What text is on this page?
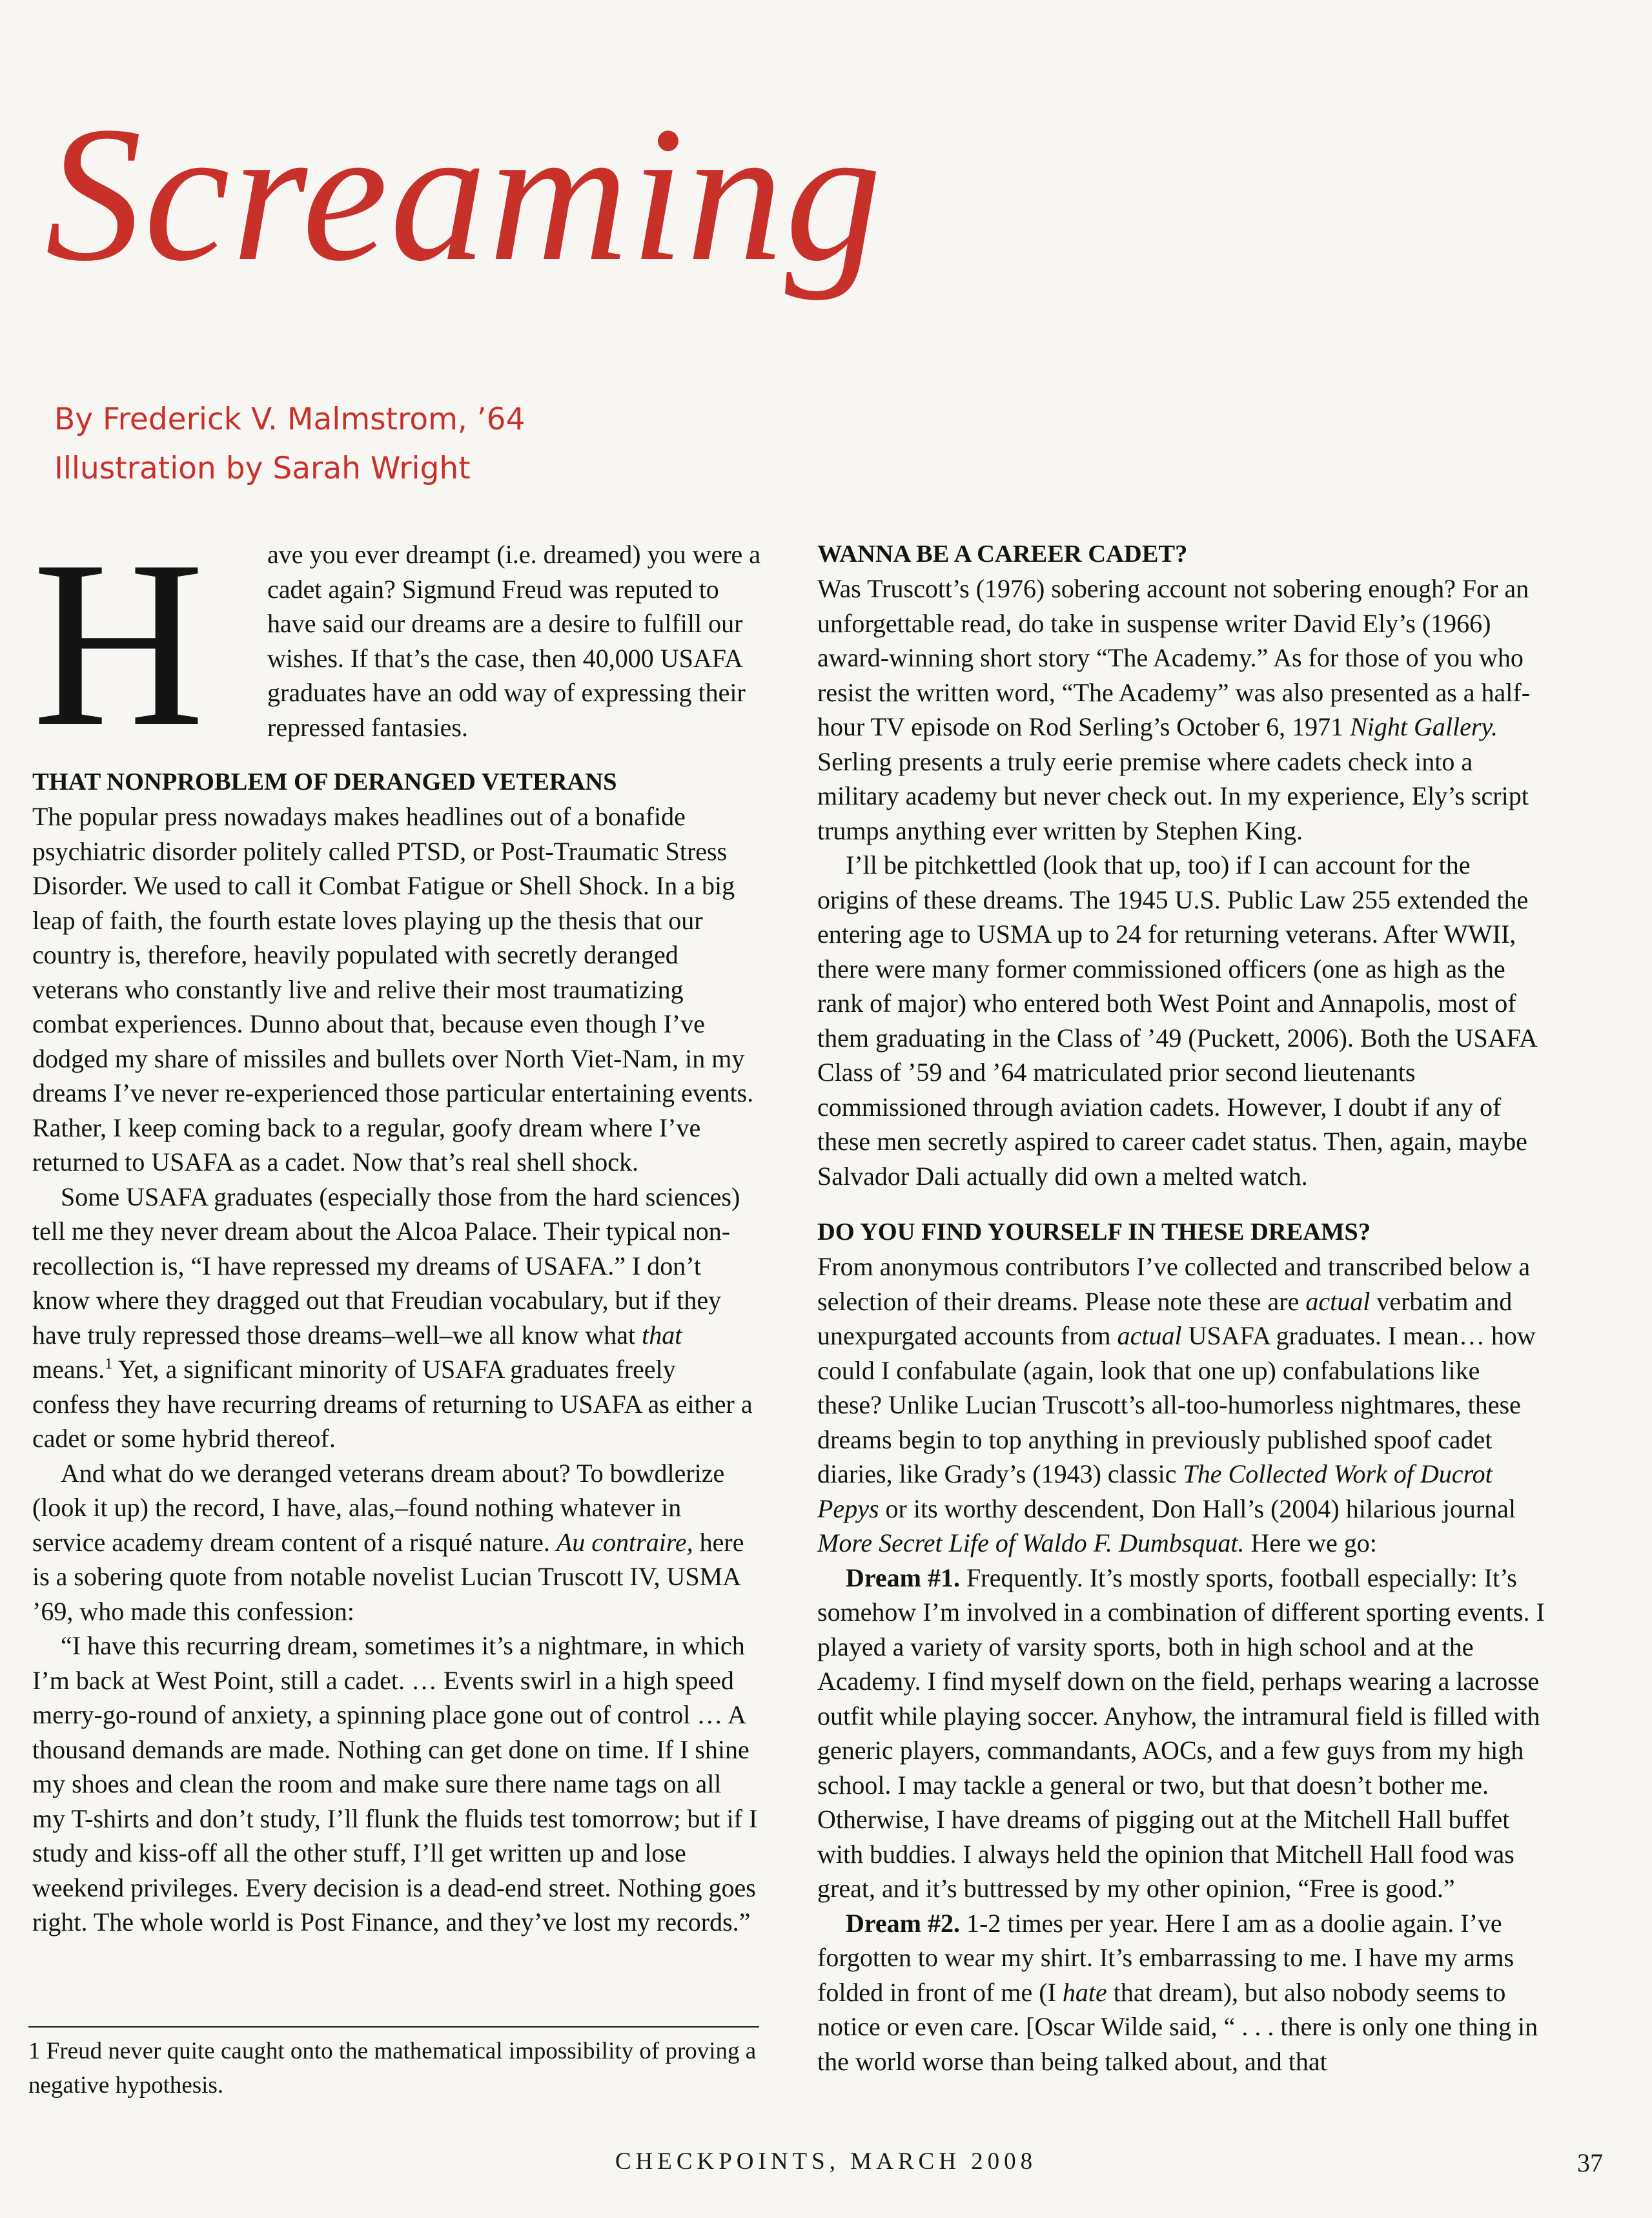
Screaming
By Frederick V. Malmstrom, ’64
Illustration by Sarah Wright
H ave you ever dreampt (i.e. dreamed) you were a cadet again? Sigmund Freud was reputed to have said our dreams are a desire to fulfill our wishes. If that’s the case, then 40,000 USAFA graduates have an odd way of expressing their repressed fantasies.

THAT NONPROBLEM OF DERANGED VETERANS

The popular press nowadays makes headlines out of a bonafide psychiatric disorder politely called PTSD, or Post-Traumatic Stress Disorder. We used to call it Combat Fatigue or Shell Shock. In a big leap of faith, the fourth estate loves playing up the thesis that our country is, therefore, heavily populated with secretly deranged veterans who constantly live and relive their most traumatizing combat experiences. Dunno about that, because even though I’ve dodged my share of missiles and bullets over North Viet-Nam, in my dreams I’ve never re-experienced those particular entertaining events. Rather, I keep coming back to a regular, goofy dream where I’ve returned to USAFA as a cadet. Now that’s real shell shock.

Some USAFA graduates (especially those from the hard sciences) tell me they never dream about the Alcoa Palace. Their typical non-recollection is, “I have repressed my dreams of USAFA.” I don’t know where they dragged out that Freudian vocabulary, but if they have truly repressed those dreams–well–we all know what that means.$^1$ Yet, a significant minority of USAFA graduates freely confess they have recurring dreams of returning to USAFA as either a cadet or some hybrid thereof.

And what do we deranged veterans dream about? To bowdlerize (look it up) the record, I have, alas,–found nothing whatever in service academy dream content of a risqué nature. Au contraire, here is a sobering quote from notable novelist Lucian Truscott IV, USMA ’69, who made this confession:

“I have this recurring dream, sometimes it’s a nightmare, in which I’m back at West Point, still a cadet. … Events swirl in a high speed merry-go-round of anxiety, a spinning place gone out of control … A thousand demands are made. Nothing can get done on time. If I shine my shoes and clean the room and make sure there name tags on all my T-shirts and don’t study, I’ll flunk the fluids test tomorrow; but if I study and kiss-off all the other stuff, I’ll get written up and lose weekend privileges. Every decision is a dead-end street. Nothing goes right. The whole world is Post Finance, and they’ve lost my records.”

WANNA BE A CAREER CADET?

Was Truscott’s (1976) sobering account not sobering enough? For an unforgettable read, do take in suspense writer David Ely’s (1966) award-winning short story “The Academy.” As for those of you who resist the written word, “The Academy” was also presented as a half-hour TV episode on Rod Serling’s October 6, 1971 Night Gallery. Serling presents a truly eerie premise where cadets check into a military academy but never check out. In my experience, Ely’s script trumps anything ever written by Stephen King.

I’ll be pitchkettled (look that up, too) if I can account for the origins of these dreams. The 1945 U.S. Public Law 255 extended the entering age to USMA up to 24 for returning veterans. After WWII, there were many former commissioned officers (one as high as the rank of major) who entered both West Point and Annapolis, most of them graduating in the Class of ’49 (Puckett, 2006). Both the USAFA Class of ’59 and ’64 matriculated prior second lieutenants commissioned through aviation cadets. However, I doubt if any of these men secretly aspired to career cadet status. Then, again, maybe Salvador Dali actually did own a melted watch.

DO YOU FIND YOURSELF IN THESE DREAMS?

From anonymous contributors I’ve collected and transcribed below a selection of their dreams. Please note these are actual verbatim and unexpurgated accounts from actual USAFA graduates. I mean… how could I confabulate (again, look that one up) confabulations like these? Unlike Lucian Truscott’s all-too-humorless nightmares, these dreams begin to top anything in previously published spoof cadet diaries, like Grady’s (1943) classic The Collected Work of Ducrot Pepys or its worthy descendent, Don Hall’s (2004) hilarious journal More Secret Life of Waldo F. Dumbsquat. Here we go:

Dream #1. Frequently. It’s mostly sports, football especially: It’s somehow I’m involved in a combination of different sporting events. I played a variety of varsity sports, both in high school and at the Academy. I find myself down on the field, perhaps wearing a lacrosse outfit while playing soccer. Anyhow, the intramural field is filled with generic players, commandants, AOCs, and a few guys from my high school. I may tackle a general or two, but that doesn’t bother me. Otherwise, I have dreams of pigging out at the Mitchell Hall buffet with buddies. I always held the opinion that Mitchell Hall food was great, and it’s buttressed by my other opinion, “Free is good.”

Dream #2. 1-2 times per year. Here I am as a doolie again. I’ve forgotten to wear my shirt. It’s embarrassing to me. I have my arms folded in front of me (I hate that dream), but also nobody seems to notice or even care. [Oscar Wilde said, “ . . . there is only one thing in the world worse than being talked about, and that

1 Freud never quite caught onto the mathematical impossibility of proving a negative hypothesis.
CHECKPOINTS, MARCH 2008	37
